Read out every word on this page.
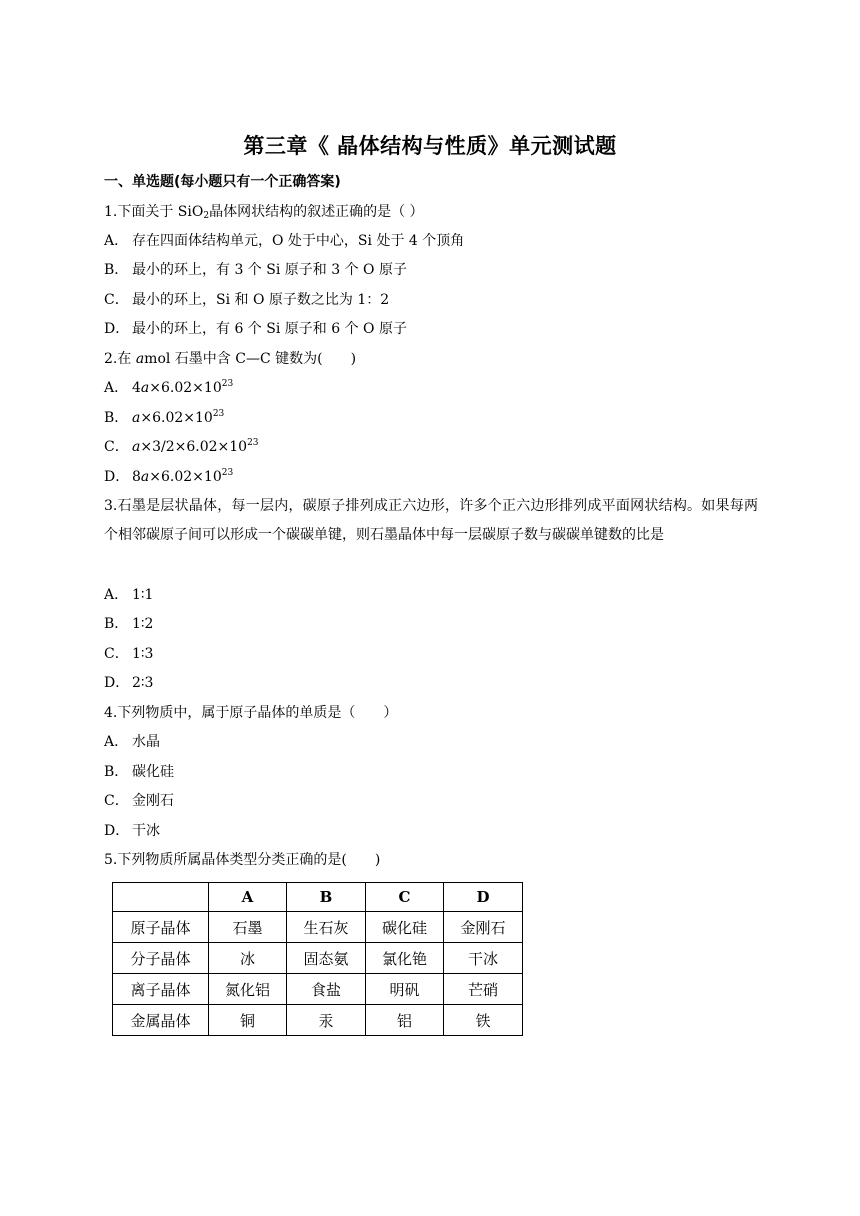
第三章《 晶体结构与性质》单元测试题
一、单选题(每小题只有一个正确答案)
1.下面关于 SiO$_2$晶体网状结构的叙述正确的是（ ）
A． 存在四面体结构单元，O 处于中心，Si 处于 4 个顶角
B． 最小的环上，有 3 个 Si 原子和 3 个 O 原子
C． 最小的环上，Si 和 O 原子数之比为 1：2
D． 最小的环上，有 6 个 Si 原子和 6 个 O 原子
2.在 amol 石墨中含 C—C 键数为(　　)
A． $4a\times 6.02\times 10^{23}$
B． $a\times 6.02\times 10^{23}$
C． $a\times 3/2\times 6.02\times 10^{23}$
D． $8a\times 6.02\times 10^{23}$
3.石墨是层状晶体，每一层内，碳原子排列成正六边形，许多个正六边形排列成平面网状结构。如果每两个相邻碳原子间可以形成一个碳碳单键，则石墨晶体中每一层碳原子数与碳碳单键数的比是
A． 1∶1
B． 1∶2
C． 1∶3
D． 2∶3
4.下列物质中，属于原子晶体的单质是（　　）
A． 水晶
B． 碳化硅
C． 金刚石
D． 干冰
5.下列物质所属晶体类型分类正确的是(　　)
	A	B	C	D
原子晶体	石墨	生石灰	碳化硅	金刚石
分子晶体	冰	固态氨	氯化铯	干冰
离子晶体	氮化铝	食盐	明矾	芒硝
金属晶体	铜	汞	铝	铁
